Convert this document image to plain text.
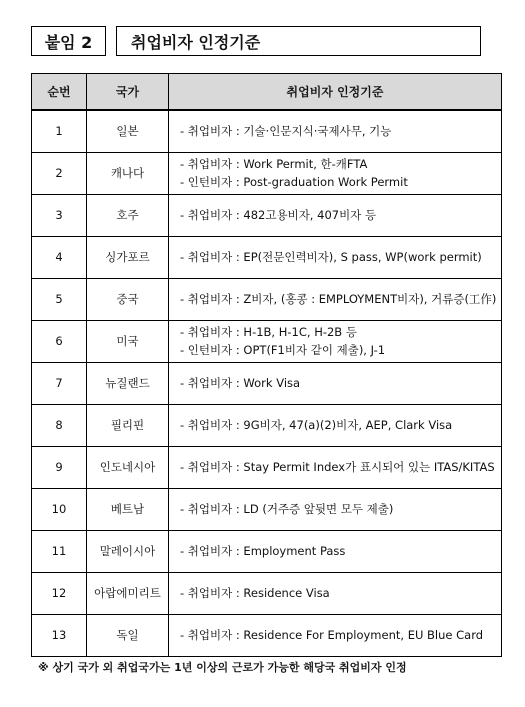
붙임 2	취업비자 인정기준
순번	국가	취업비자 인정기준
1	일본	- 취업비자 : 기술·인문지식·국제사무, 기능

2	캐나다	- 취업비자 : Work Permit, 한-캐FTA
- 인턴비자 : Post-graduation Work Permit

3	호주	- 취업비자 : 482고용비자, 407비자 등

4	싱가포르	- 취업비자 : EP(전문인력비자), S pass, WP(work permit)

5	중국	- 취업비자 : Z비자, (홍콩 : EMPLOYMENT비자), 거류증(工作)

6	미국	- 취업비자 : H-1B, H-1C, H-2B 등
- 인턴비자 : OPT(F1비자 같이 제출), J-1

7	뉴질랜드	- 취업비자 : Work Visa

8	필리핀	- 취업비자 : 9G비자, 47(a)(2)비자, AEP, Clark Visa

9	인도네시아	- 취업비자 : Stay Permit Index가 표시되어 있는 ITAS/KITAS

10	베트남	- 취업비자 : LD (거주증 앞뒷면 모두 제출)

11	말레이시아	- 취업비자 : Employment Pass

12	아랍에미리트	- 취업비자 : Residence Visa

13	독일	- 취업비자 : Residence For Employment, EU Blue Card
※ 상기 국가 외 취업국가는 1년 이상의 근로가 가능한 해당국 취업비자 인정
